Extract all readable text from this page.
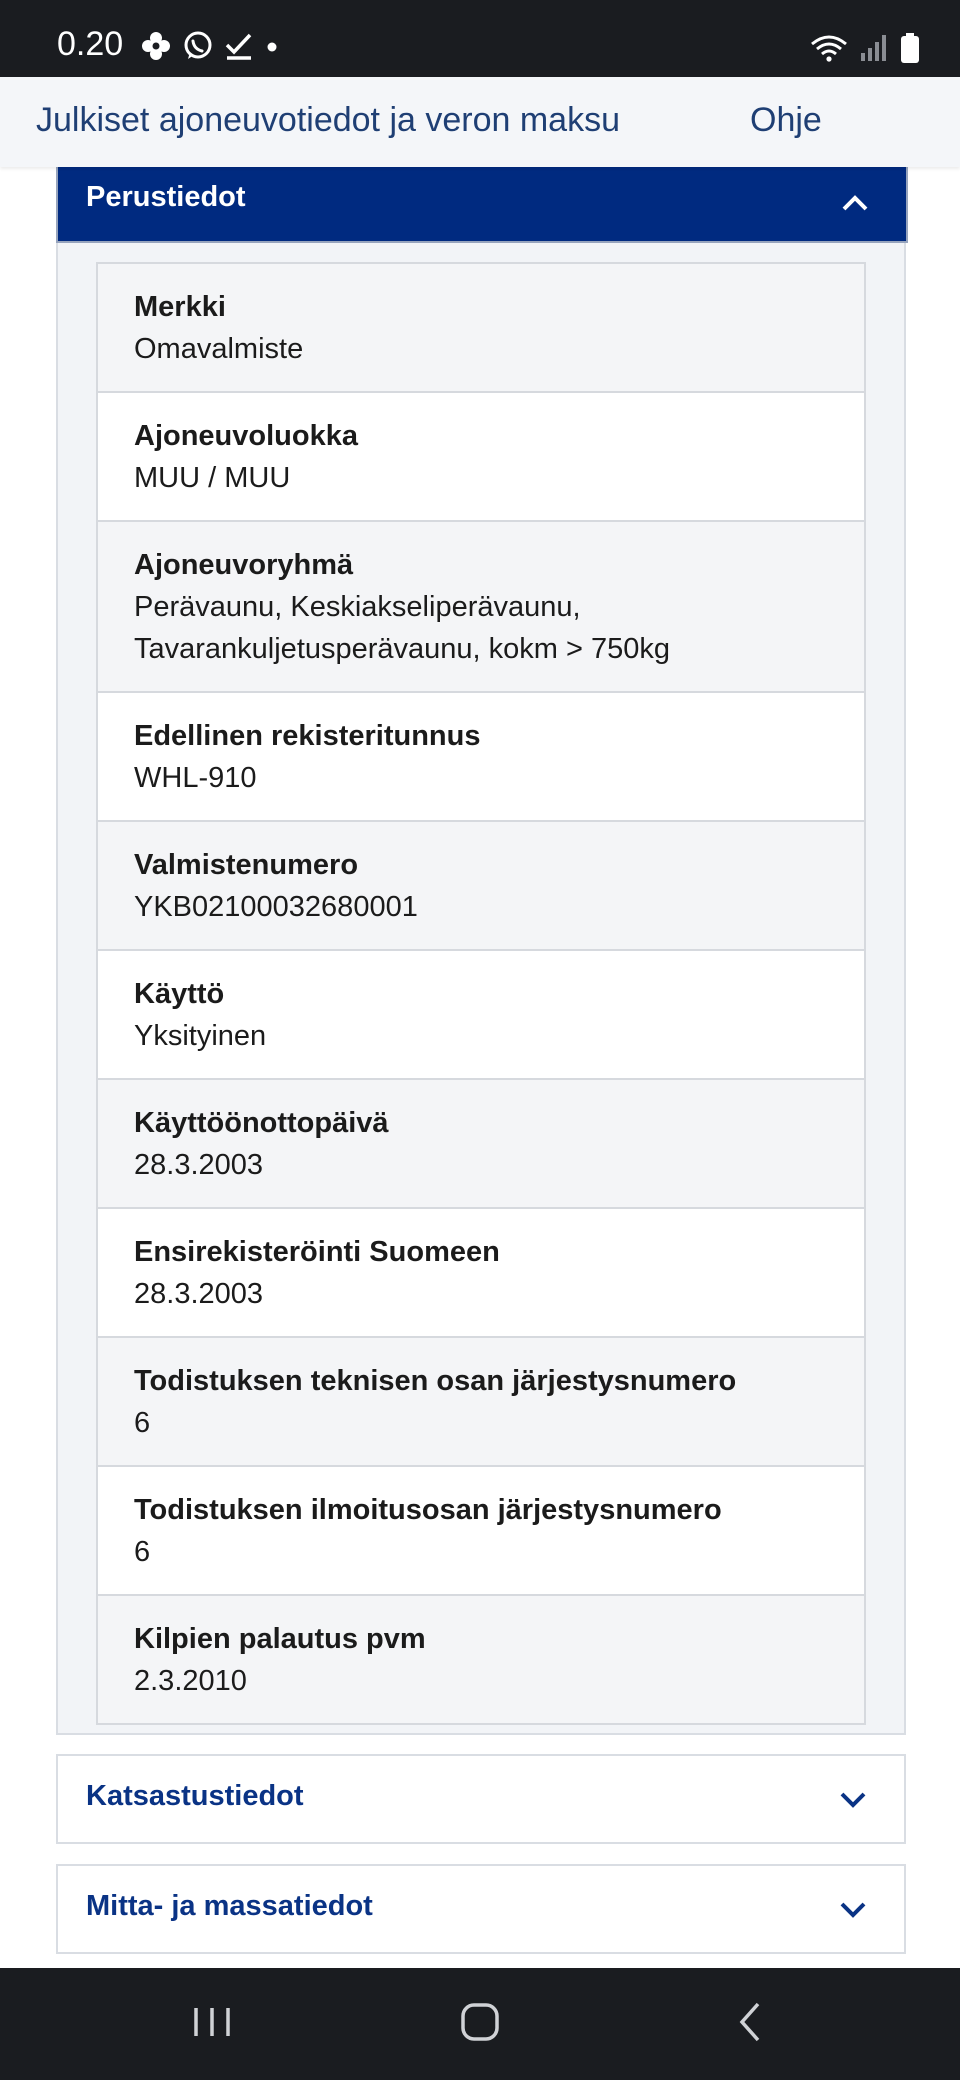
0.20
Julkiset ajoneuvotiedot ja veron maksu	Ohje
Perustiedot
Merkki
Omavalmiste
Ajoneuvoluokka
MUU / MUU
Ajoneuvoryhmä
Perävaunu, Keskiakseliperävaunu, Tavarankuljetusperävaunu, kokm > 750kg
Edellinen rekisteritunnus
WHL-910
Valmistenumero
YKB02100032680001
Käyttö
Yksityinen
Käyttöönottopäivä
28.3.2003
Ensirekisteröinti Suomeen
28.3.2003
Todistuksen teknisen osan järjestysnumero
6
Todistuksen ilmoitusosan järjestysnumero
6
Kilpien palautus pvm
2.3.2010
Katsastustiedot
Mitta- ja massatiedot
